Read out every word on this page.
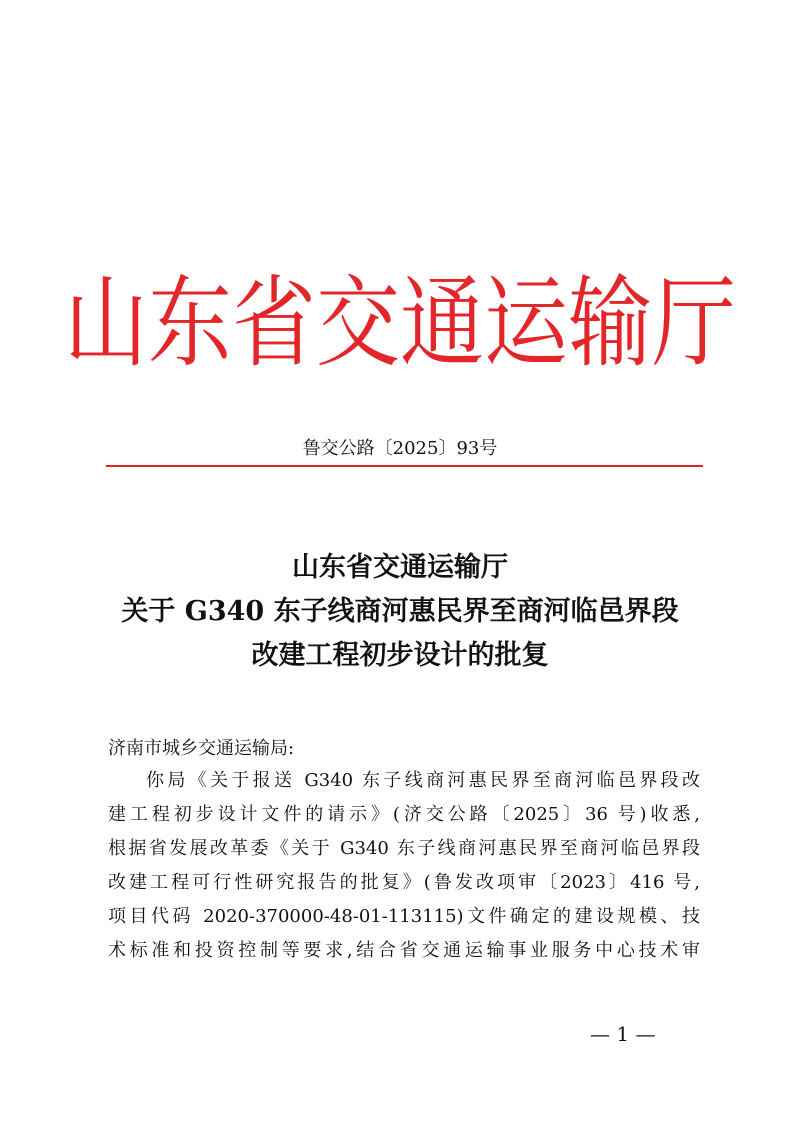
山东省交通运输厅
鲁交公路〔2025〕93号
山东省交通运输厅
关于 G340 东子线商河惠民界至商河临邑界段
改建工程初步设计的批复
济南市城乡交通运输局:
你局《关于报送 G340 东子线商河惠民界至商河临邑界段改
建工程初步设计文件的请示》(济交公路〔2025〕36 号)收悉,
根据省发展改革委《关于 G340 东子线商河惠民界至商河临邑界段
改建工程可行性研究报告的批复》(鲁发改项审〔2023〕416 号,
项目代码 2020-370000-48-01-113115)文件确定的建设规模、技
术标准和投资控制等要求,结合省交通运输事业服务中心技术审
— 1 —
